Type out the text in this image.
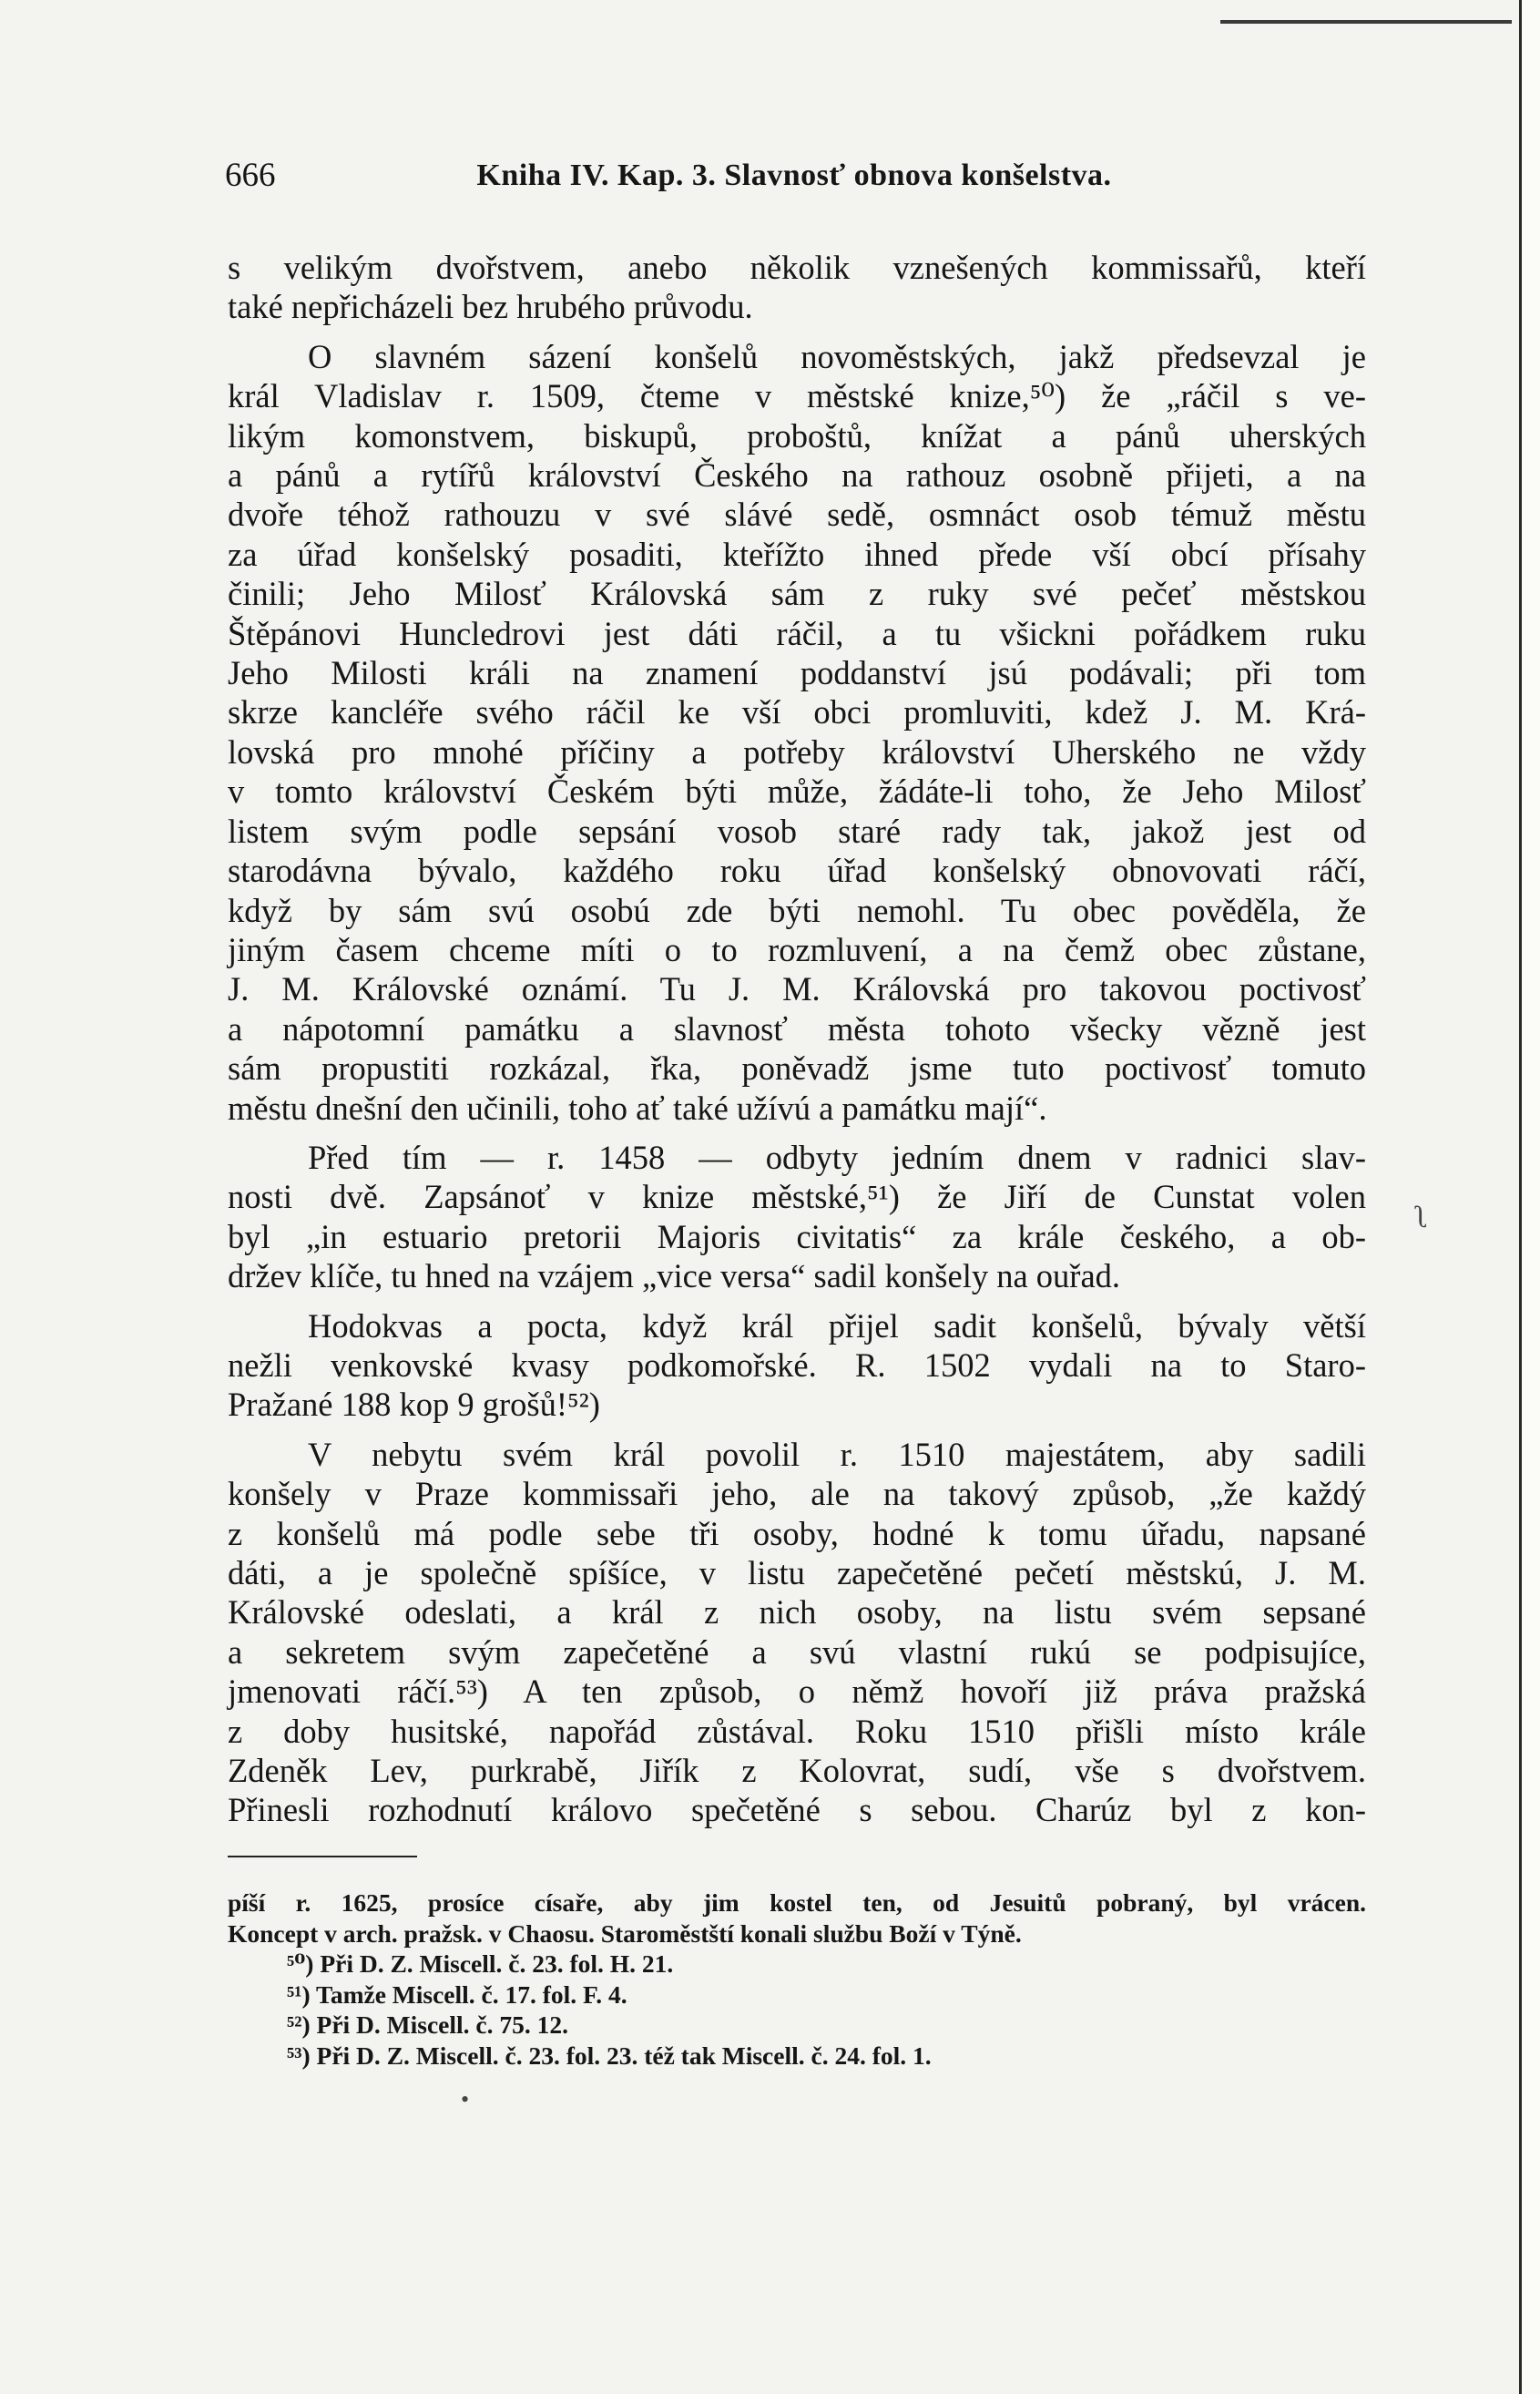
666	Kniha IV. Kap. 3. Slavnosť obnova konšelstva.
s velikým dvořstvem, anebo několik vznešených kommissařů, kteří
také nepřicházeli bez hrubého průvodu.
O slavném sázení konšelů novoměstských, jakž předsevzal je
král Vladislav r. 1509, čteme v městské knize,⁵⁰) že „ráčil s ve-
likým komonstvem, biskupů, proboštů, knížat a pánů uherských
a pánů a rytířů království Českého na rathouz osobně přijeti, a na
dvoře téhož rathouzu v své slávé sedě, osmnáct osob témuž městu
za úřad konšelský posaditi, kteřížto ihned přede vší obcí přísahy
činili; Jeho Milosť Královská sám z ruky své pečeť městskou
Štěpánovi Huncledrovi jest dáti ráčil, a tu všickni pořádkem ruku
Jeho Milosti králi na znamení poddanství jsú podávali; při tom
skrze kancléře svého ráčil ke vší obci promluviti, kdež J. M. Krá-
lovská pro mnohé příčiny a potřeby království Uherského ne vždy
v tomto království Českém býti může, žádáte-li toho, že Jeho Milosť
listem svým podle sepsání vosob staré rady tak, jakož jest od
starodávna bývalo, každého roku úřad konšelský obnovovati ráčí,
když by sám svú osobú zde býti nemohl. Tu obec pověděla, že
jiným časem chceme míti o to rozmluvení, a na čemž obec zůstane,
J. M. Královské oznámí. Tu J. M. Královská pro takovou poctivosť
a nápotomní památku a slavnosť města tohoto všecky vězně jest
sám propustiti rozkázal, řka, poněvadž jsme tuto poctivosť tomuto
městu dnešní den učinili, toho ať také užívú a památku mají“.
Před tím — r. 1458 — odbyty jedním dnem v radnici slav-
nosti dvě. Zapsánoť v knize městské,⁵¹) že Jiří de Cunstat volen
byl „in estuario pretorii Majoris civitatis“ za krále českého, a ob-
držev klíče, tu hned na vzájem „vice versa“ sadil konšely na ouřad.
Hodokvas a pocta, když král přijel sadit konšelů, bývaly větší
nežli venkovské kvasy podkomořské. R. 1502 vydali na to Staro-
Pražané 188 kop 9 grošů!⁵²)
V nebytu svém král povolil r. 1510 majestátem, aby sadili
konšely v Praze kommissaři jeho, ale na takový způsob, „že každý
z konšelů má podle sebe tři osoby, hodné k tomu úřadu, napsané
dáti, a je společně spíšíce, v listu zapečetěné pečetí městskú, J. M.
Královské odeslati, a král z nich osoby, na listu svém sepsané
a sekretem svým zapečetěné a svú vlastní rukú se podpisujíce,
jmenovati ráčí.⁵³) A ten způsob, o němž hovoří již práva pražská
z doby husitské, napořád zůstával. Roku 1510 přišli místo krále
Zdeněk Lev, purkrabě, Jiřík z Kolovrat, sudí, vše s dvořstvem.
Přinesli rozhodnutí královo spečetěné s sebou. Charúz byl z kon-
píší r. 1625, prosíce císaře, aby jim kostel ten, od Jesuitů pobraný, byl vrácen.
Koncept v arch. pražsk. v Chaosu. Staroměstští konali službu Boží v Týně.
⁵⁰) Při D. Z. Miscell. č. 23. fol. H. 21.
⁵¹) Tamže Miscell. č. 17. fol. F. 4.
⁵²) Při D. Miscell. č. 75. 12.
⁵³) Při D. Z. Miscell. č. 23. fol. 23. též tak Miscell. č. 24. fol. 1.
ʅ
•
